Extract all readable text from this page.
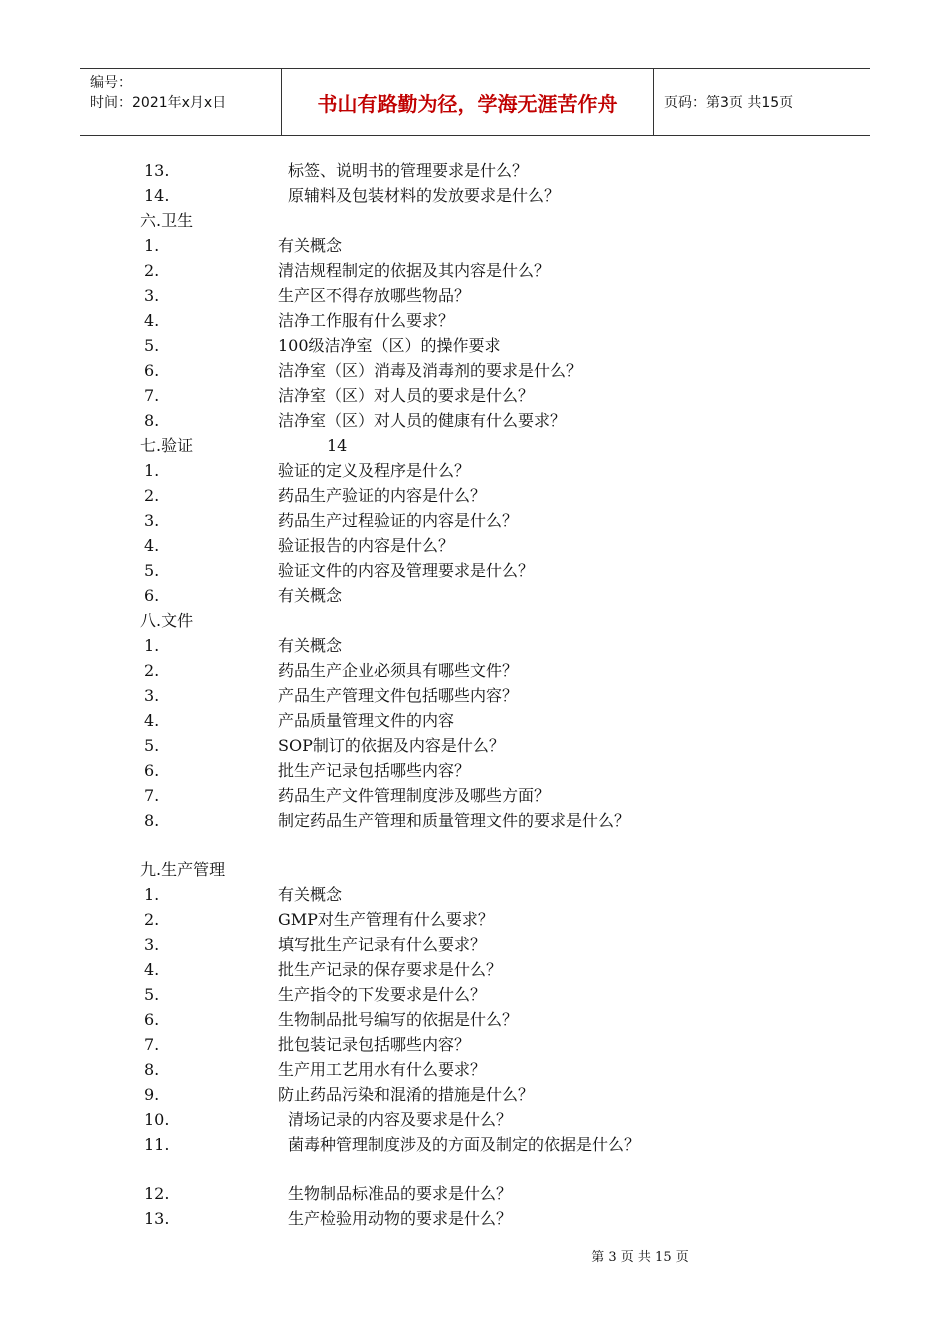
编号：
时间：2021年x月x日	书山有路勤为径，学海无涯苦作舟	页码：第3页 共15页
13.	标签、说明书的管理要求是什么？
14.	原辅料及包装材料的发放要求是什么？
六.卫生
1.	有关概念
2.	清洁规程制定的依据及其内容是什么？
3.	生产区不得存放哪些物品？
4.	洁净工作服有什么要求？
5.	100级洁净室（区）的操作要求
6.	洁净室（区）消毒及消毒剂的要求是什么？
7.	洁净室（区）对人员的要求是什么？
8.	洁净室（区）对人员的健康有什么要求？
七.验证	14
1.	验证的定义及程序是什么？
2.	药品生产验证的内容是什么？
3.	药品生产过程验证的内容是什么？
4.	验证报告的内容是什么？
5.	验证文件的内容及管理要求是什么？
6.	有关概念
八.文件
1.	有关概念
2.	药品生产企业必须具有哪些文件？
3.	产品生产管理文件包括哪些内容？
4.	产品质量管理文件的内容
5.	SOP制订的依据及内容是什么？
6.	批生产记录包括哪些内容？
7.	药品生产文件管理制度涉及哪些方面？
8.	制定药品生产管理和质量管理文件的要求是什么？
九.生产管理
1.	有关概念
2.	GMP对生产管理有什么要求？
3.	填写批生产记录有什么要求？
4.	批生产记录的保存要求是什么？
5.	生产指令的下发要求是什么？
6.	生物制品批号编写的依据是什么？
7.	批包装记录包括哪些内容？
8.	生产用工艺用水有什么要求？
9.	防止药品污染和混淆的措施是什么？
10.	清场记录的内容及要求是什么？
11.	菌毒种管理制度涉及的方面及制定的依据是什么？
12.	生物制品标准品的要求是什么？
13.	生产检验用动物的要求是什么？
第 3 页 共 15 页
